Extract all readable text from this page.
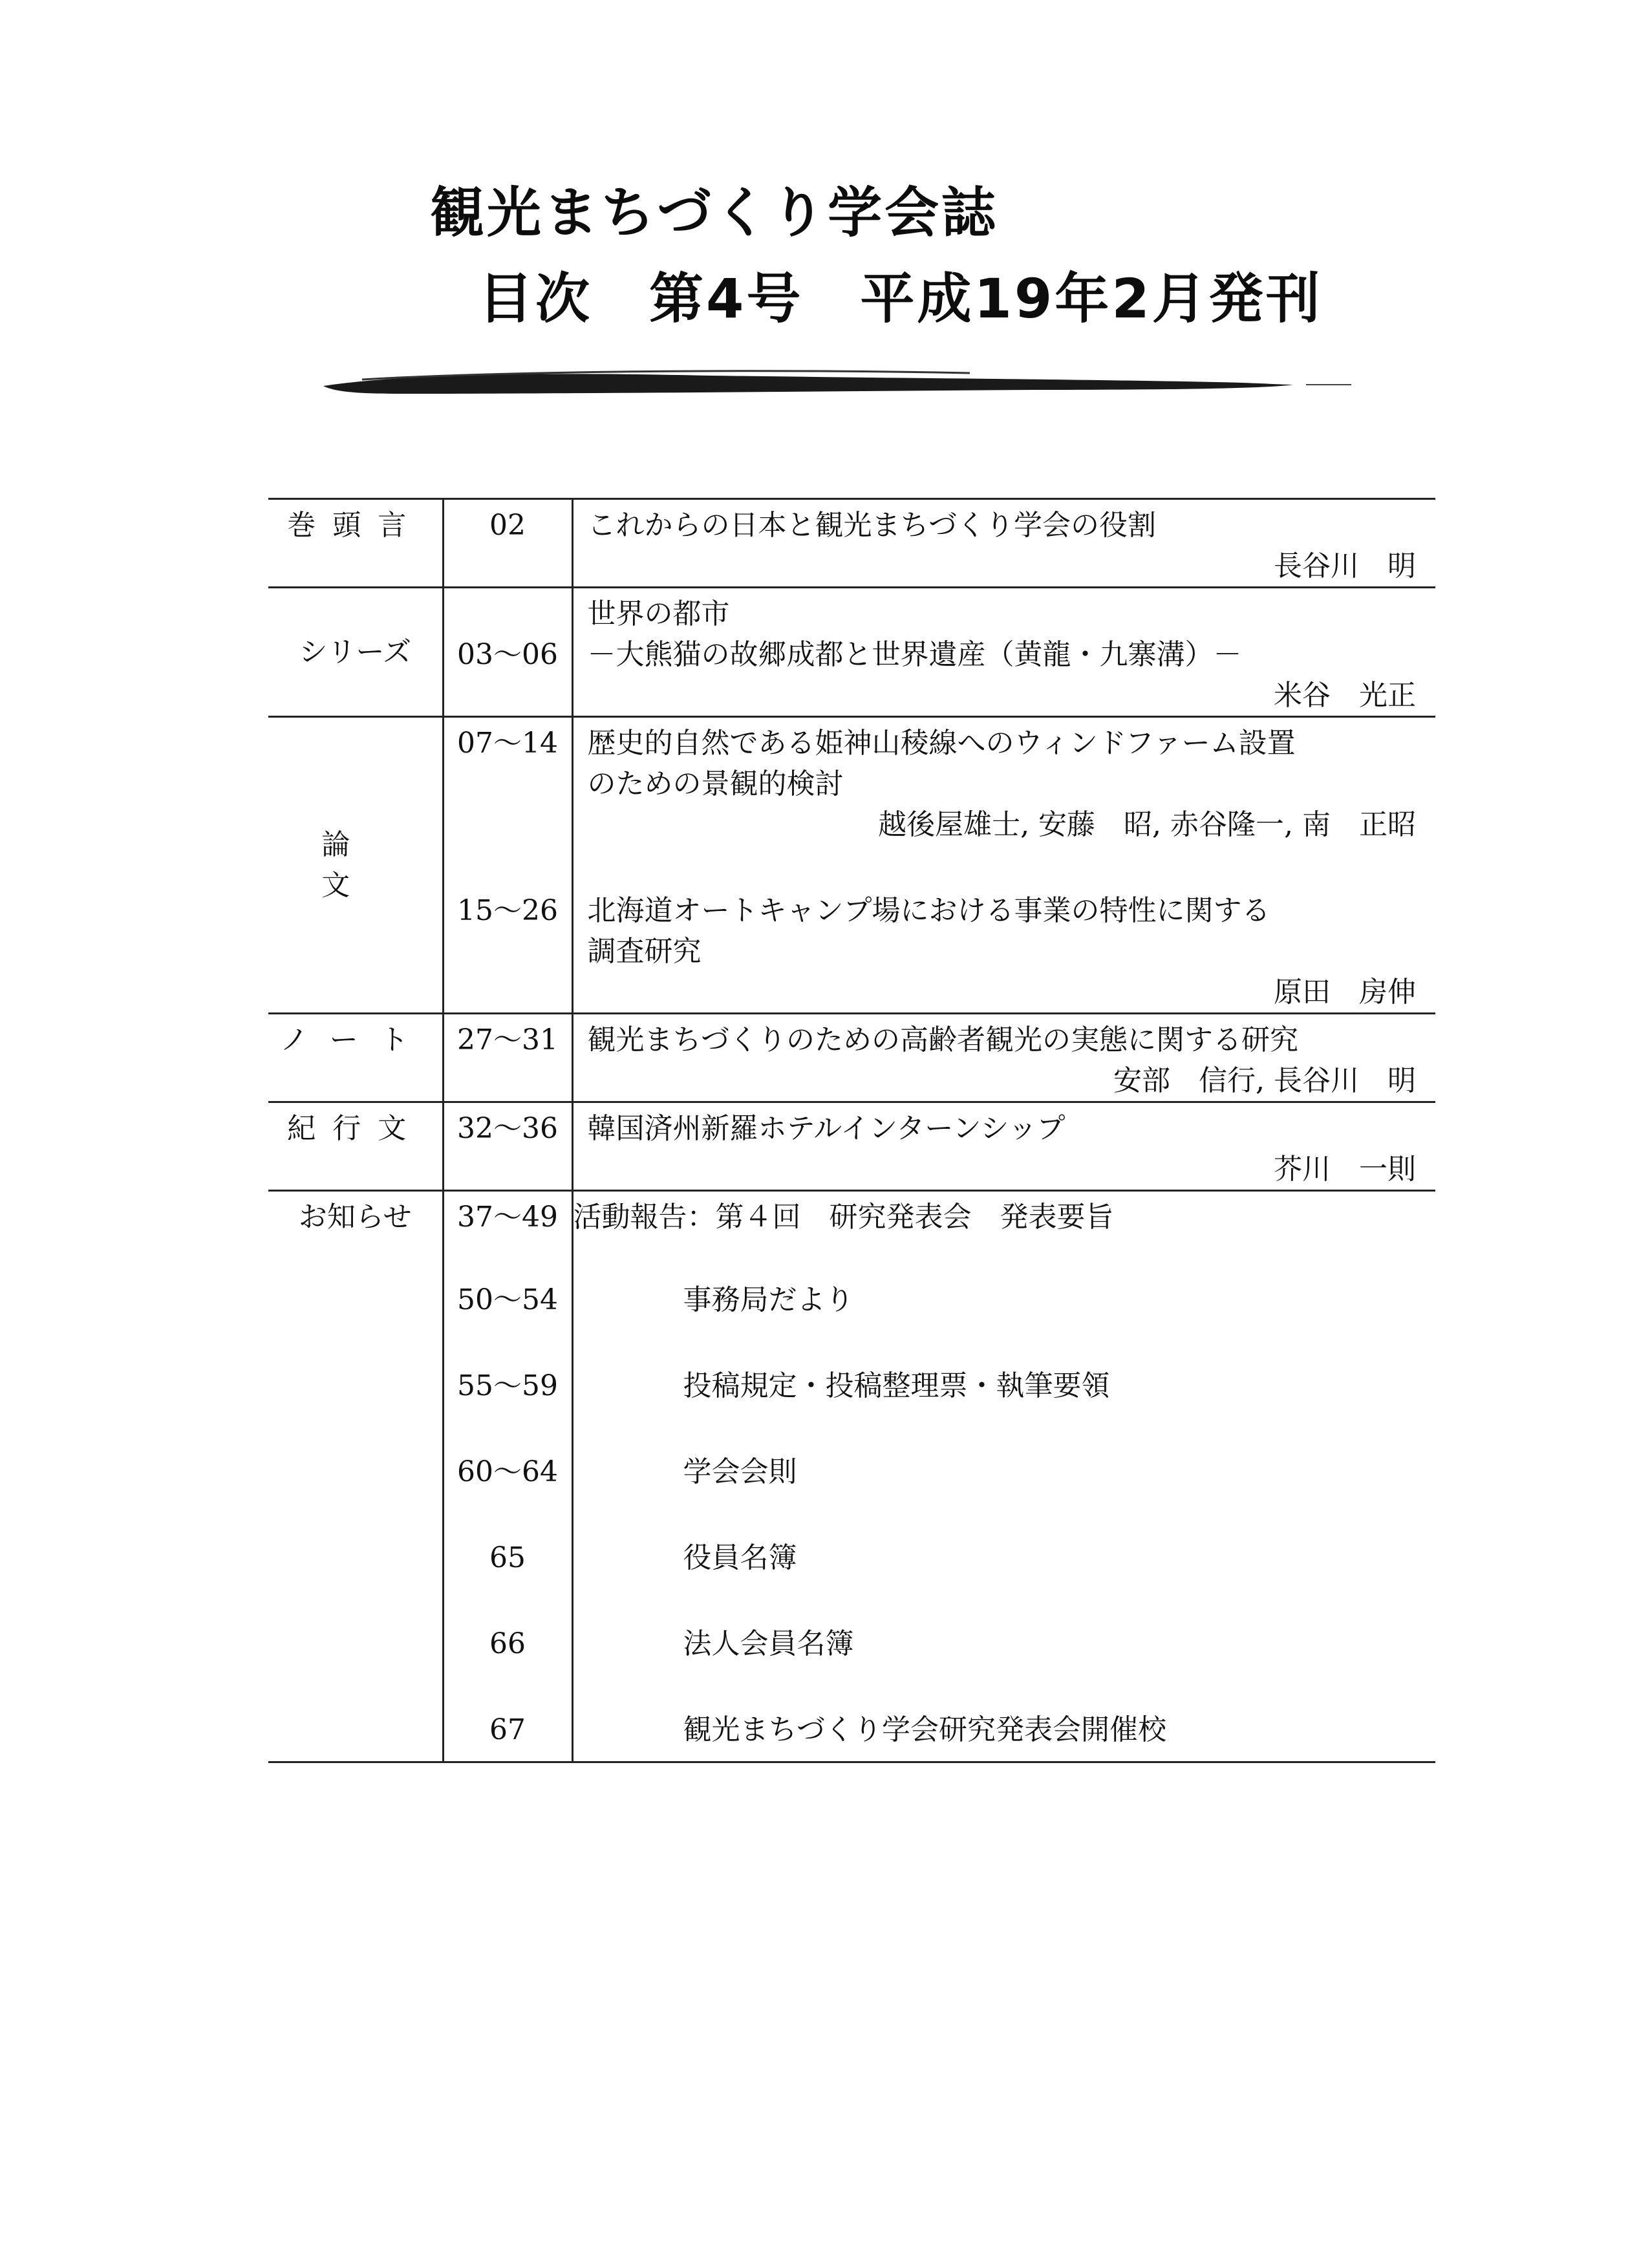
観光まちづくり学会誌
目次　第4号　平成19年2月発刊
巻頭言	02	これからの日本と観光まちづくり学会の役割
長谷川　明

シリーズ	03～06	世界の都市
－大熊猫の故郷成都と世界遺産（黄龍・九寨溝）－
米谷　光正

論　文	07～14	歴史的自然である姫神山稜線へのウィンドファーム設置
のための景観的検討
越後屋雄士, 安藤　昭, 赤谷隆一, 南　正昭

	15～26	北海道オートキャンプ場における事業の特性に関する
調査研究
原田　房伸

ノート	27～31	観光まちづくりのための高齢者観光の実態に関する研究
安部　信行, 長谷川　明

紀行文	32～36	韓国済州新羅ホテルインターンシップ
芥川　一則

お知らせ	37～49	活動報告：第４回　研究発表会　発表要旨
	50～54	事務局だより
	55～59	投稿規定・投稿整理票・執筆要領
	60～64	学会会則
	65	役員名簿
	66	法人会員名簿
	67	観光まちづくり学会研究発表会開催校
